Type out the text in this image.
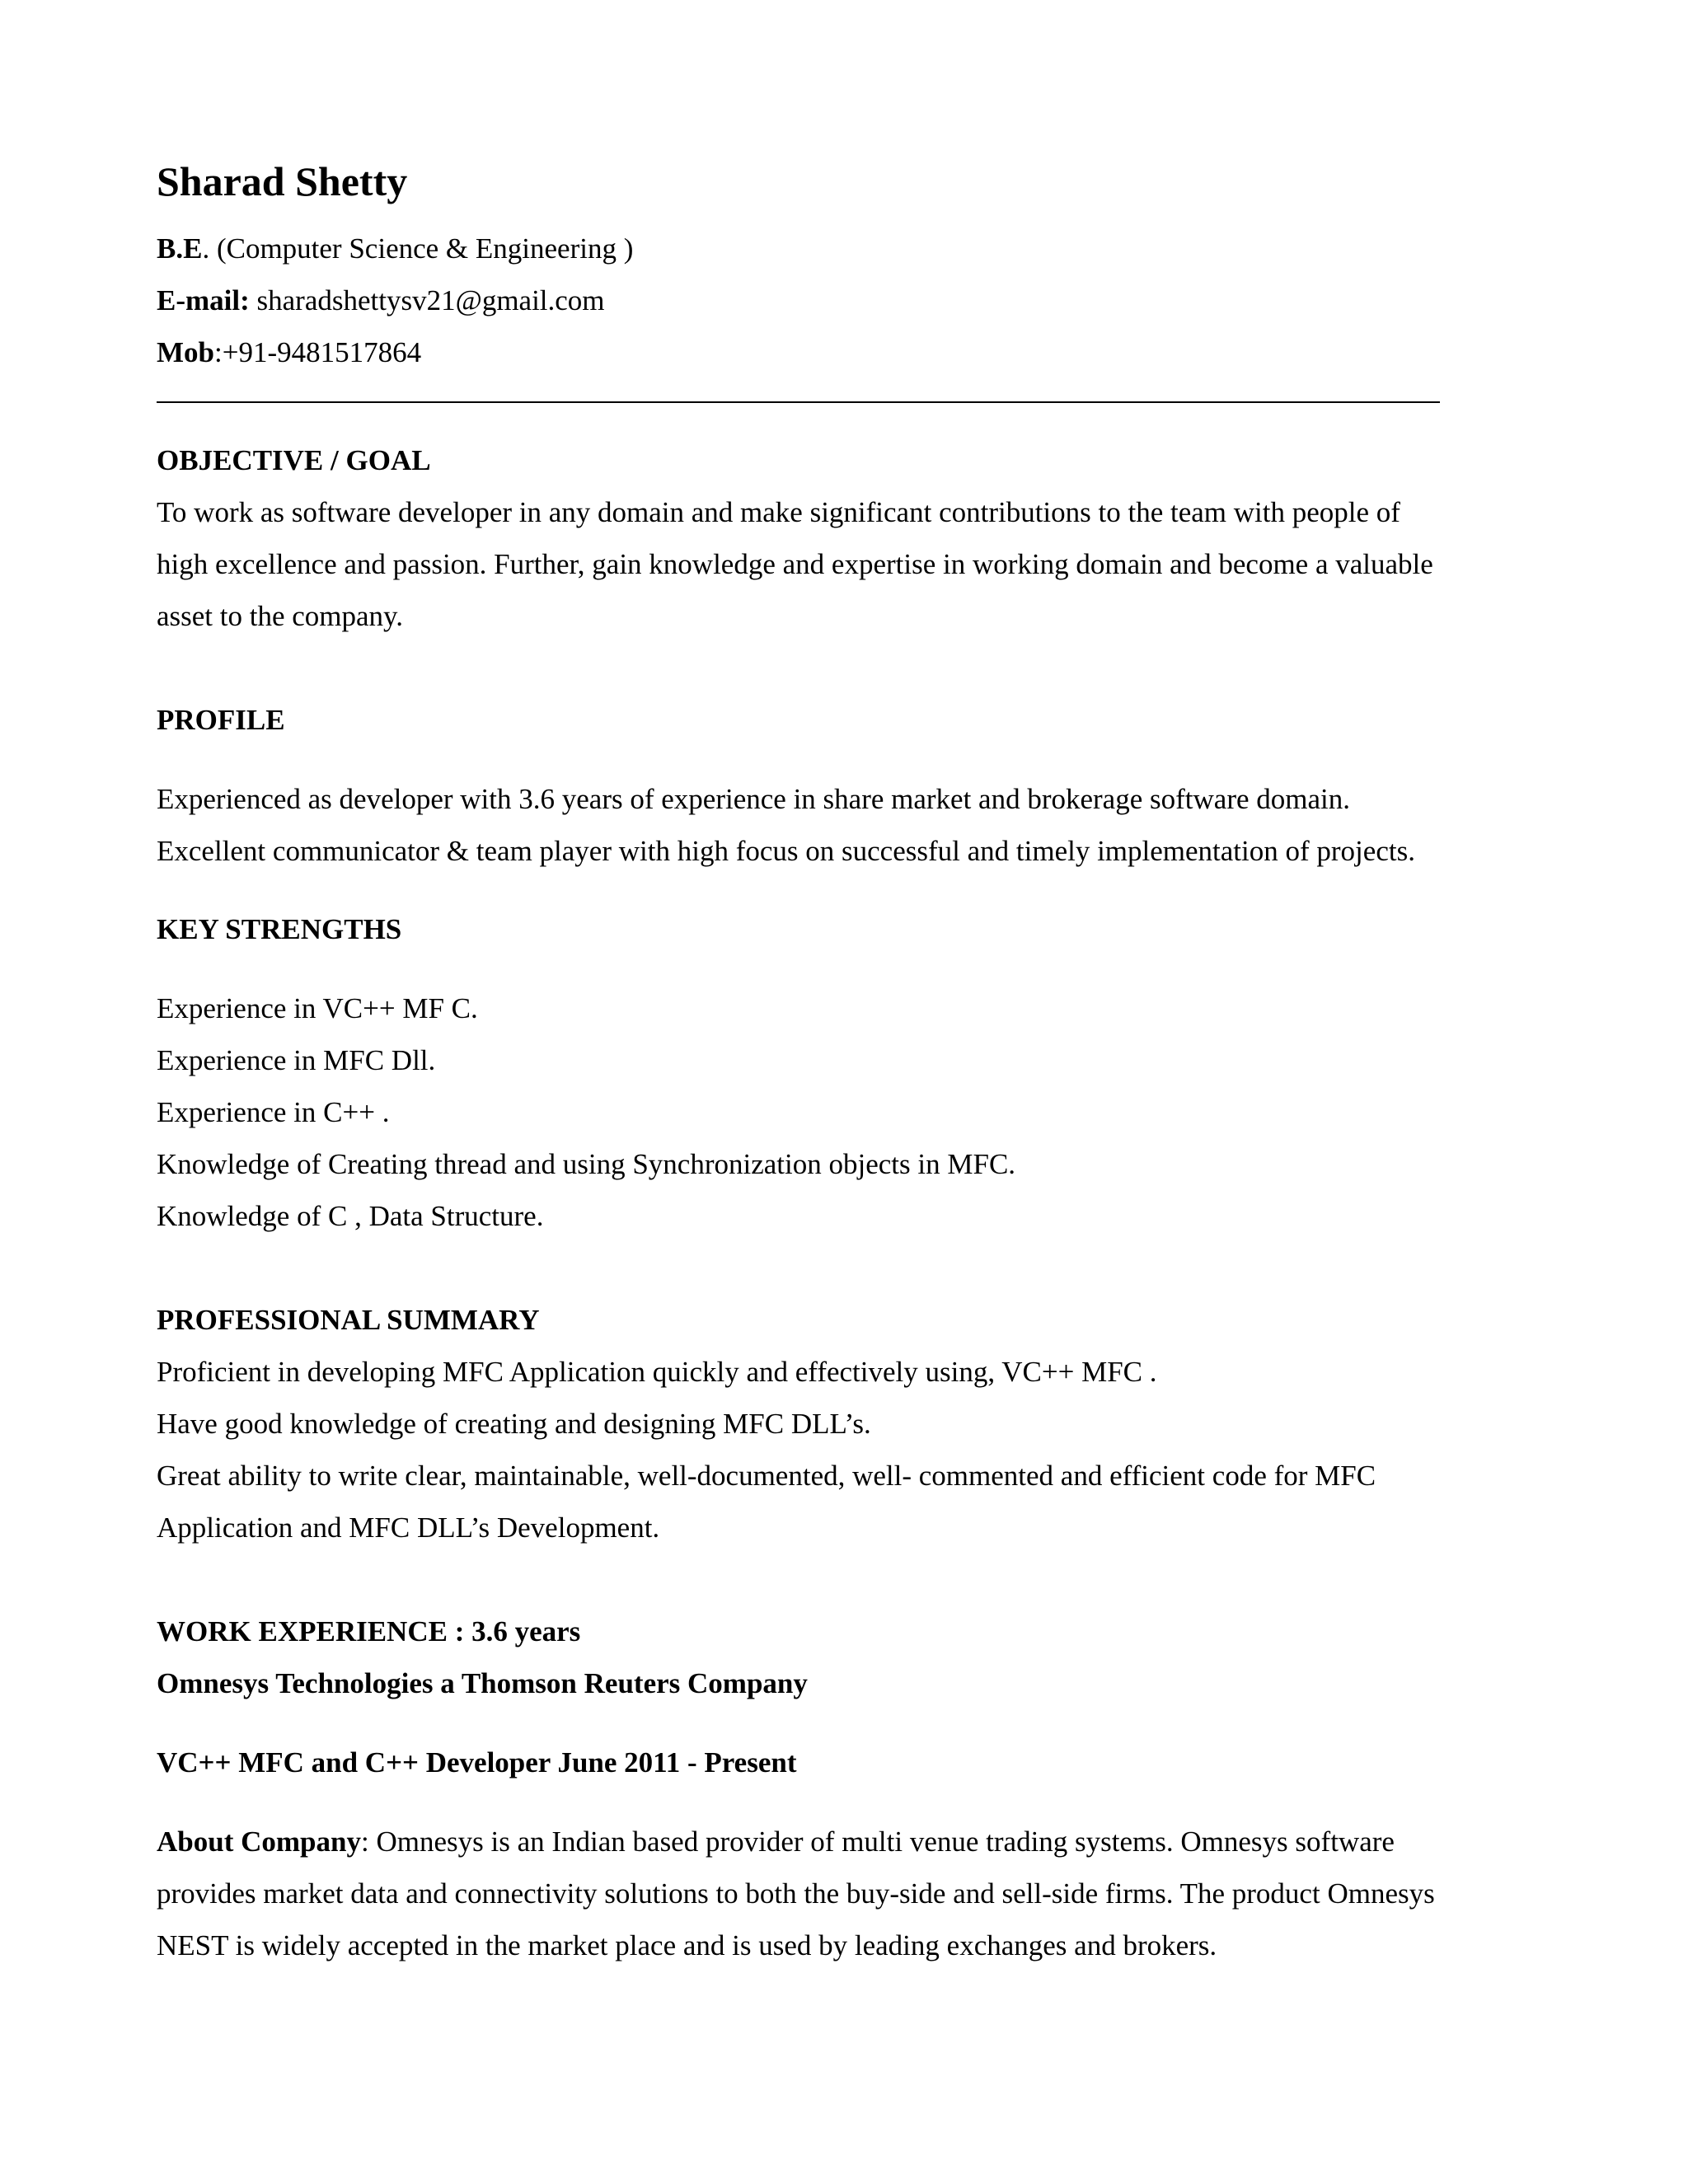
Sharad Shetty

B.E. (Computer Science & Engineering )

E-mail: sharadshettysv21@gmail.com

Mob:+91-9481517864

OBJECTIVE / GOAL

To work as software developer in any domain and make significant contributions to the team with people of

high excellence and passion. Further, gain knowledge and expertise in working domain and become a valuable

asset to the company.

PROFILE

Experienced as developer with 3.6 years of experience in share market and brokerage software domain.

Excellent communicator & team player with high focus on successful and timely implementation of projects.

KEY STRENGTHS

Experience in VC++ MF C.

Experience in MFC Dll.

Experience in C++ .

Knowledge of Creating thread and using Synchronization objects in MFC.

Knowledge of C , Data Structure.

PROFESSIONAL SUMMARY

Proficient in developing MFC Application quickly and effectively using, VC++ MFC .

Have good knowledge of creating and designing MFC DLL’s.

Great ability to write clear, maintainable, well-documented, well- commented and efficient code for MFC

Application and MFC DLL’s Development.

WORK EXPERIENCE : 3.6 years

Omnesys Technologies a Thomson Reuters Company

VC++ MFC and C++ Developer June 2011 - Present

About Company: Omnesys is an Indian based provider of multi venue trading systems. Omnesys software

provides market data and connectivity solutions to both the buy-side and sell-side firms. The product Omnesys

NEST is widely accepted in the market place and is used by leading exchanges and brokers.
